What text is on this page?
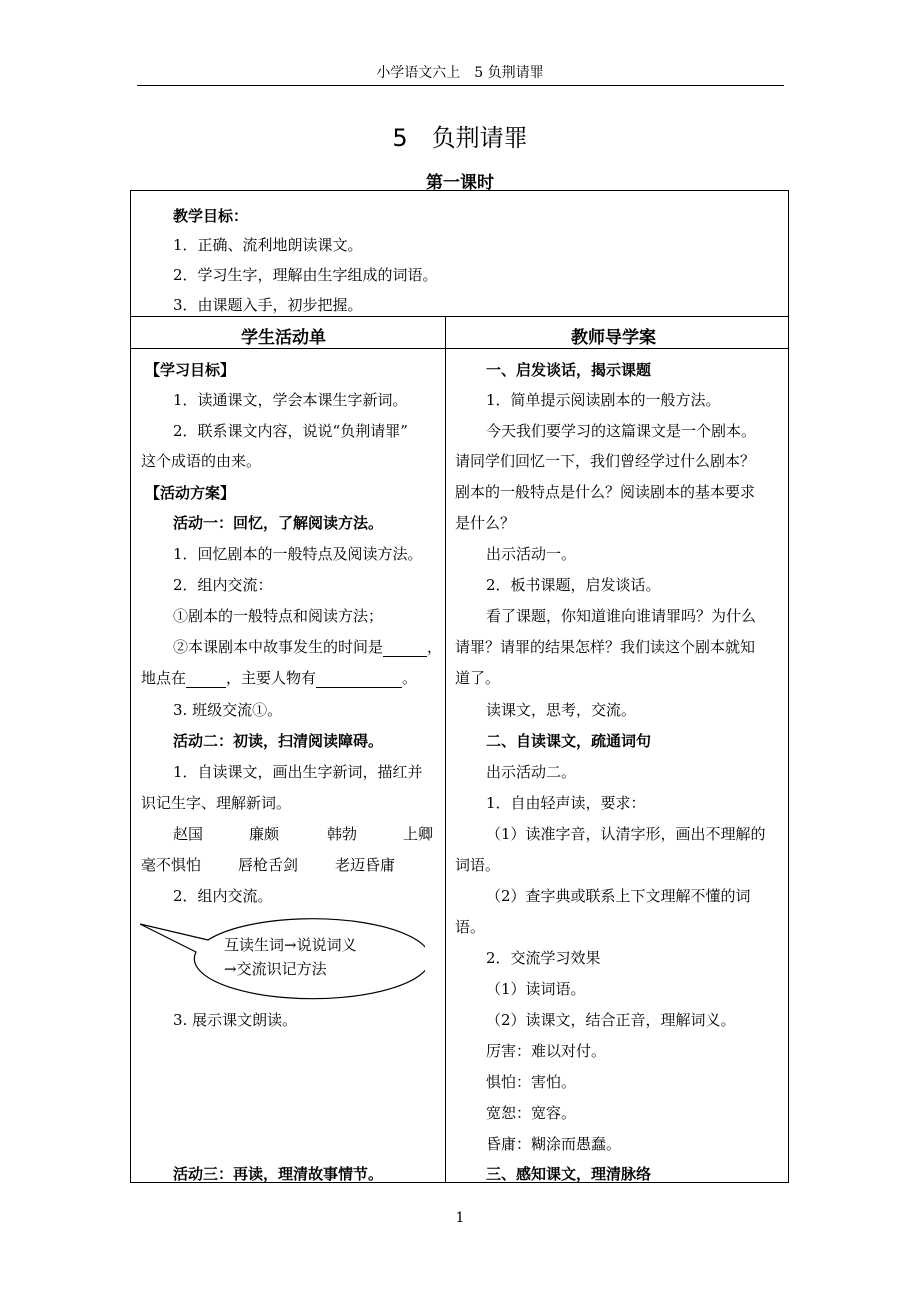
小学语文六上　5 负荆请罪
5　负荆请罪
第一课时
教学目标：
1．正确、流利地朗读课文。
2．学习生字，理解由生字组成的词语。
3．由课题入手，初步把握。
学生活动单	教师导学案
【学习目标】
1．读通课文，学会本课生字新词。
2．联系课文内容，说说“负荆请罪”
这个成语的由来。
【活动方案】
活动一：回忆，了解阅读方法。
1．回忆剧本的一般特点及阅读方法。
2．组内交流：
①剧本的一般特点和阅读方法；
②本课剧本中故事发生的时间是	，
地点在	，主要人物有	。
3. 班级交流①。
活动二：初读，扫清阅读障碍。
1．自读课文，画出生字新词，描红并
识记生字、理解新词。
赵国	廉颇	韩勃	上卿
毫不惧怕 唇枪舌剑 老迈昏庸
2．组内交流。
3. 展示课文朗读。
活动三：再读，理清故事情节。
一、启发谈话，揭示课题
1．简单提示阅读剧本的一般方法。
今天我们要学习的这篇课文是一个剧本。
请同学们回忆一下，我们曾经学过什么剧本？
剧本的一般特点是什么？阅读剧本的基本要求
是什么？
出示活动一。
2．板书课题，启发谈话。
看了课题，你知道谁向谁请罪吗？为什么
请罪？请罪的结果怎样？我们读这个剧本就知
道了。
读课文，思考，交流。
二、自读课文，疏通词句
出示活动二。
1．自由轻声读，要求：
（1）读准字音，认清字形，画出不理解的
词语。
（2）查字典或联系上下文理解不懂的词
语。
2．交流学习效果
（1）读词语。
（2）读课文，结合正音，理解词义。
厉害：难以对付。
惧怕：害怕。
宽恕：宽容。
昏庸：糊涂而愚蠢。
三、感知课文，理清脉络
互读生词→说说词义
→交流识记方法
1
